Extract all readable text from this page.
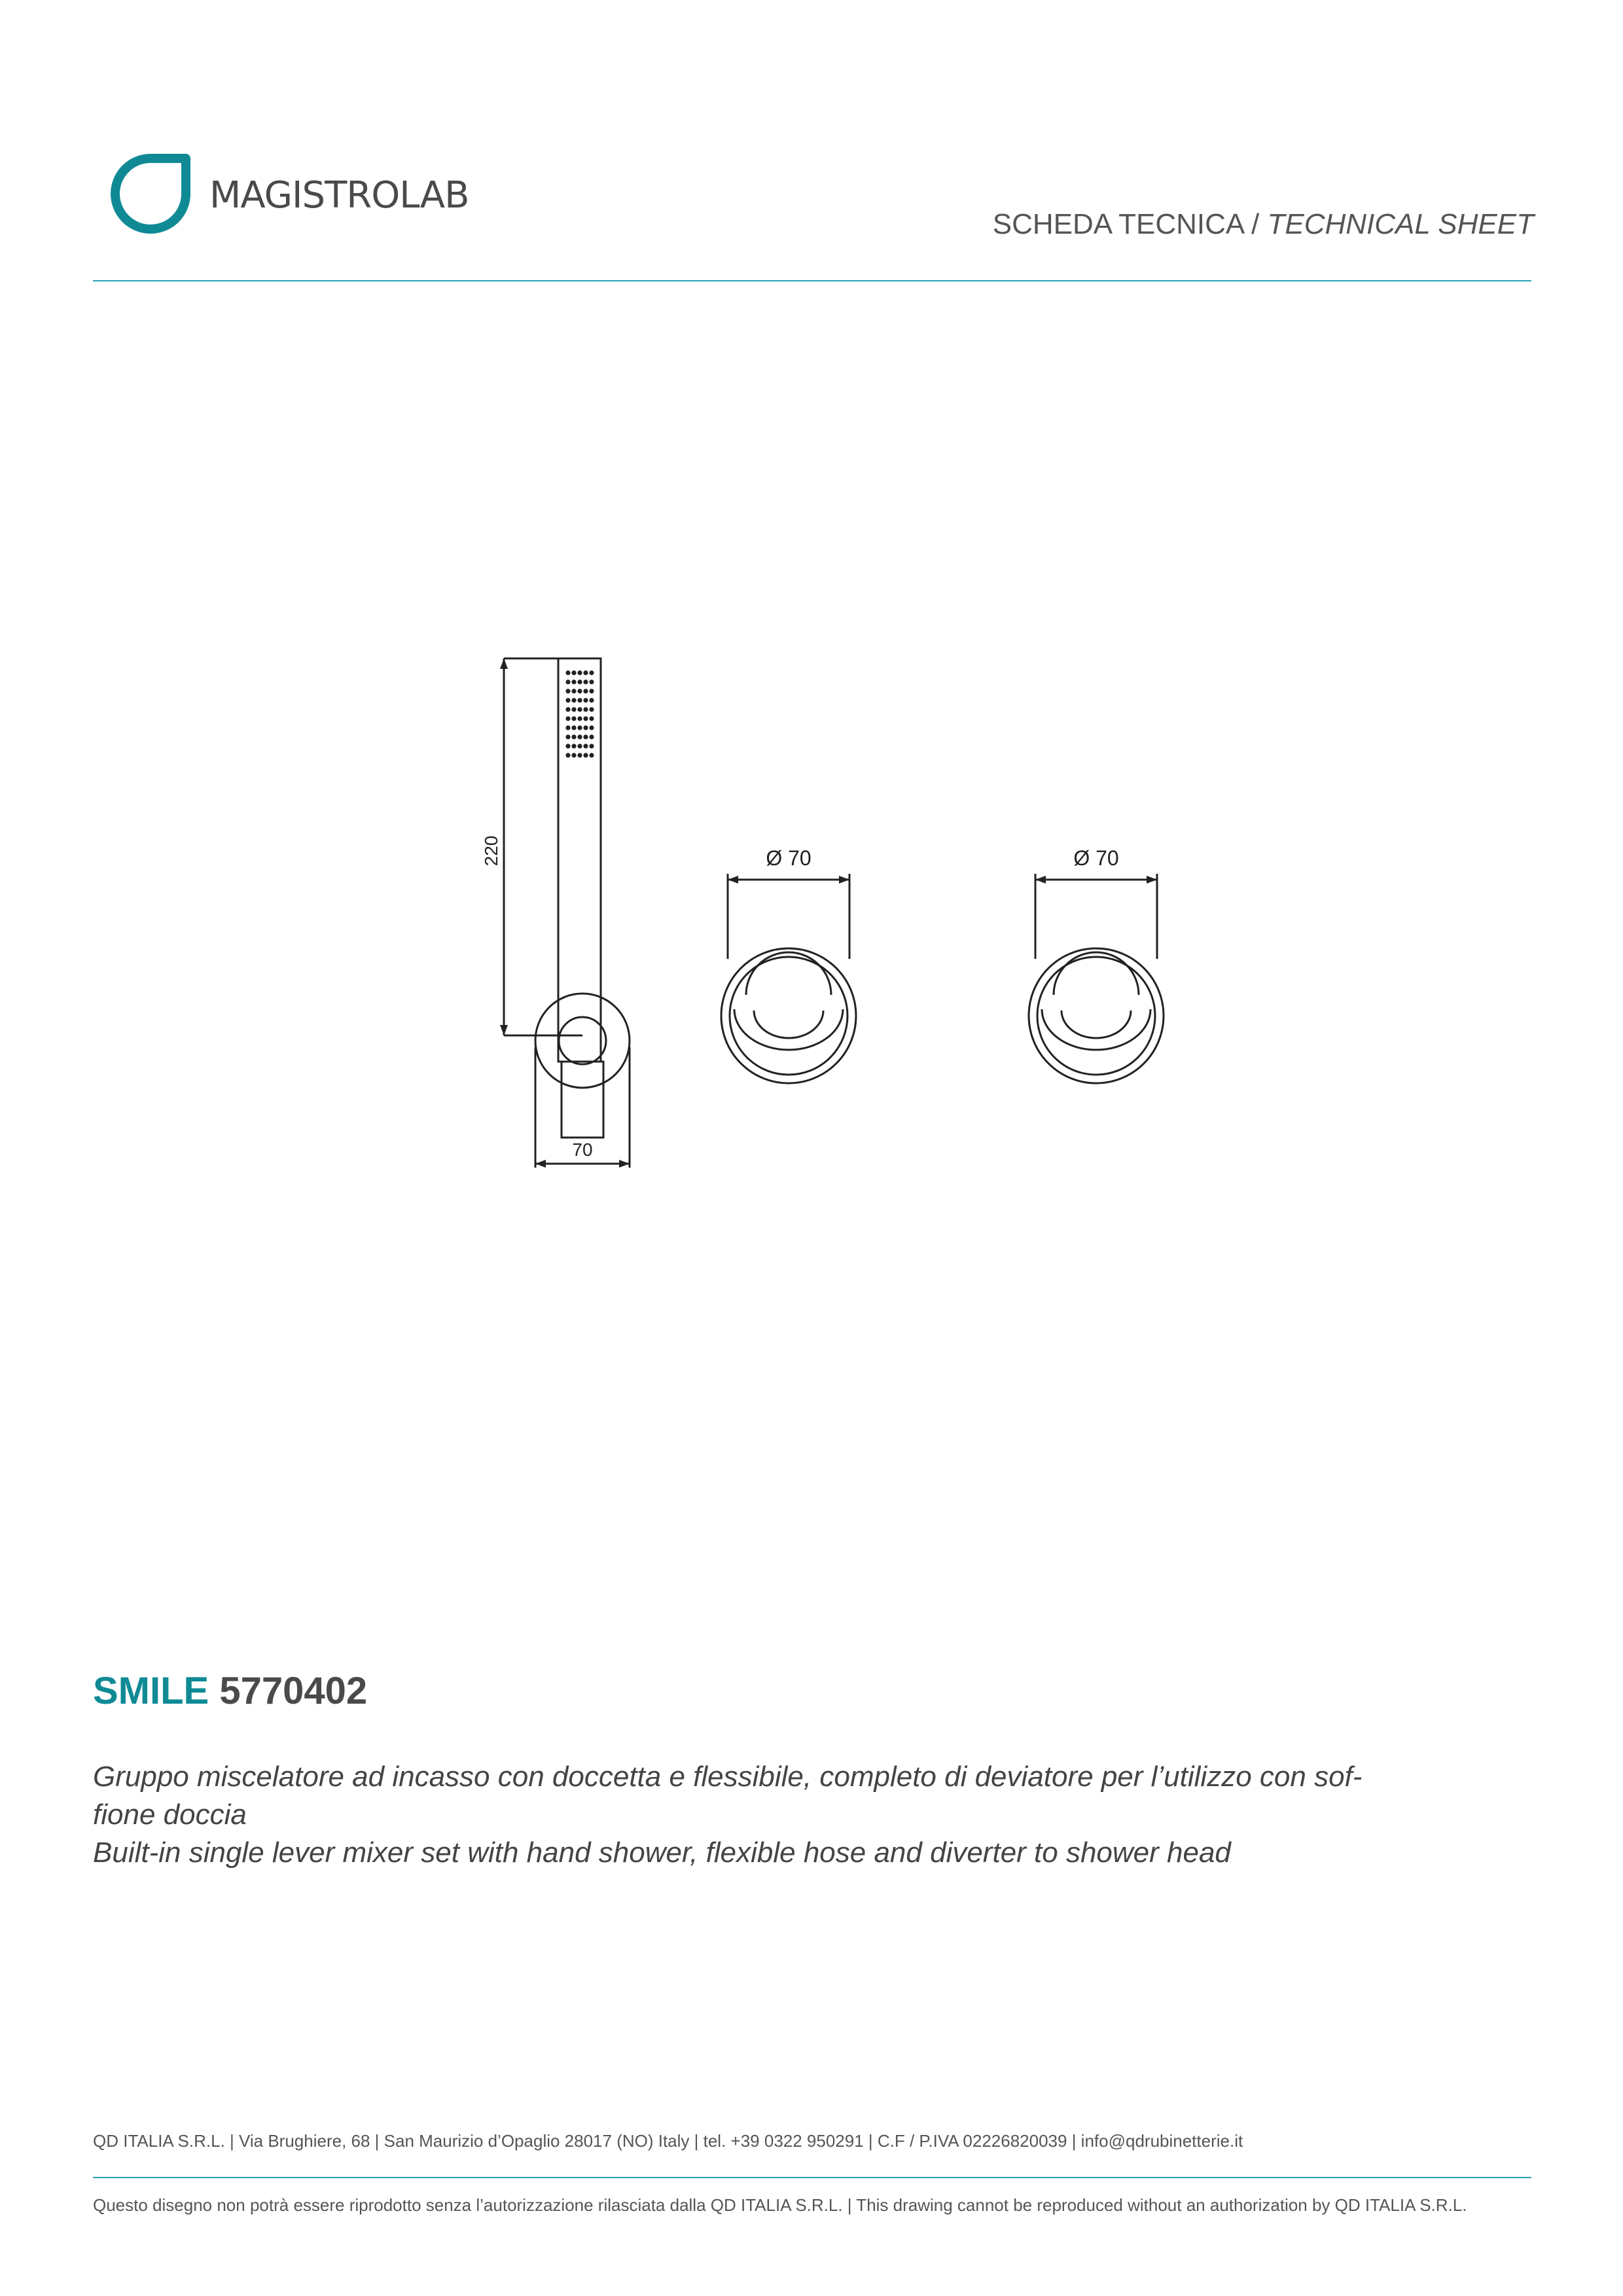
MAGISTROLAB
SCHEDA TECNICA / TECHNICAL SHEET
220
70
Ø 70	Ø 70
SMILE 5770402
Gruppo miscelatore ad incasso con doccetta e flessibile, completo di deviatore per l’utilizzo con sof-
fione doccia
Built-in single lever mixer set with hand shower, flexible hose and diverter to shower head
QD ITALIA S.R.L. | Via Brughiere, 68 | San Maurizio d’Opaglio 28017 (NO) Italy | tel. +39 0322 950291 | C.F / P.IVA 02226820039 | info@qdrubinetterie.it
Questo disegno non potrà essere riprodotto senza l’autorizzazione rilasciata dalla QD ITALIA S.R.L. | This drawing cannot be reproduced without an authorization by QD ITALIA S.R.L.
